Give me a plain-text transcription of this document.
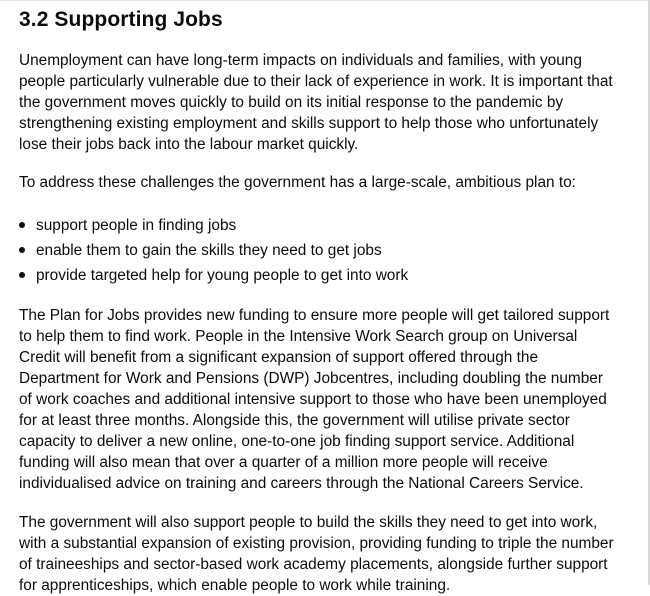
3.2 Supporting Jobs

Unemployment can have long-term impacts on individuals and families, with young people particularly vulnerable due to their lack of experience in work. It is important that the government moves quickly to build on its initial response to the pandemic by strengthening existing employment and skills support to help those who unfortunately lose their jobs back into the labour market quickly.

To address these challenges the government has a large-scale, ambitious plan to:

support people in finding jobs
enable them to gain the skills they need to get jobs
provide targeted help for young people to get into work

The Plan for Jobs provides new funding to ensure more people will get tailored support to help them to find work. People in the Intensive Work Search group on Universal Credit will benefit from a significant expansion of support offered through the Department for Work and Pensions (DWP) Jobcentres, including doubling the number of work coaches and additional intensive support to those who have been unemployed for at least three months. Alongside this, the government will utilise private sector capacity to deliver a new online, one-to-one job finding support service. Additional funding will also mean that over a quarter of a million more people will receive individualised advice on training and careers through the National Careers Service.

The government will also support people to build the skills they need to get into work, with a substantial expansion of existing provision, providing funding to triple the number of traineeships and sector-based work academy placements, alongside further support for apprenticeships, which enable people to work while training.
